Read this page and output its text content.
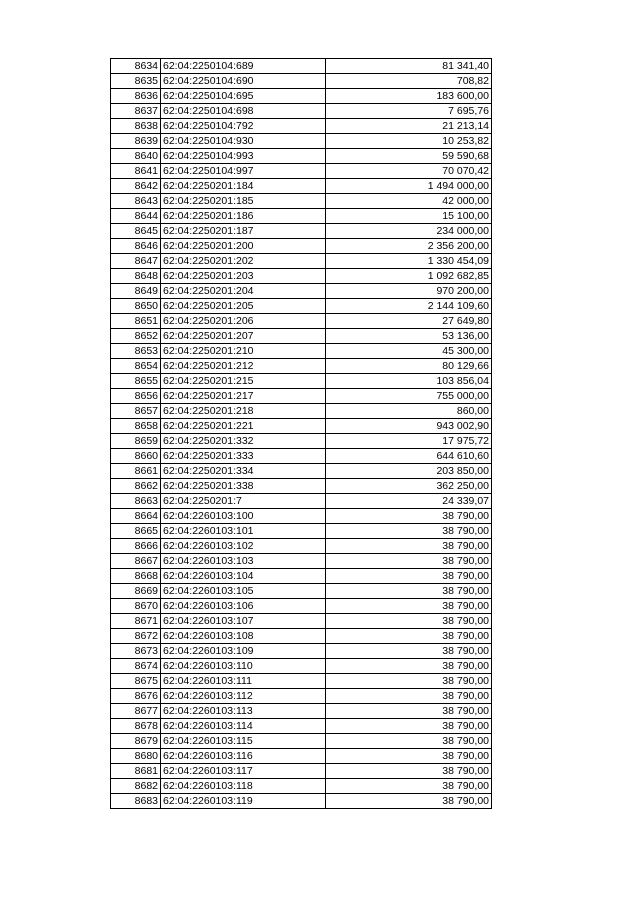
8634	62:04:2250104:689	81 341,40
8635	62:04:2250104:690	708,82
8636	62:04:2250104:695	183 600,00
8637	62:04:2250104:698	7 695,76
8638	62:04:2250104:792	21 213,14
8639	62:04:2250104:930	10 253,82
8640	62:04:2250104:993	59 590,68
8641	62:04:2250104:997	70 070,42
8642	62:04:2250201:184	1 494 000,00
8643	62:04:2250201:185	42 000,00
8644	62:04:2250201:186	15 100,00
8645	62:04:2250201:187	234 000,00
8646	62:04:2250201:200	2 356 200,00
8647	62:04:2250201:202	1 330 454,09
8648	62:04:2250201:203	1 092 682,85
8649	62:04:2250201:204	970 200,00
8650	62:04:2250201:205	2 144 109,60
8651	62:04:2250201:206	27 649,80
8652	62:04:2250201:207	53 136,00
8653	62:04:2250201:210	45 300,00
8654	62:04:2250201:212	80 129,66
8655	62:04:2250201:215	103 856,04
8656	62:04:2250201:217	755 000,00
8657	62:04:2250201:218	860,00
8658	62:04:2250201:221	943 002,90
8659	62:04:2250201:332	17 975,72
8660	62:04:2250201:333	644 610,60
8661	62:04:2250201:334	203 850,00
8662	62:04:2250201:338	362 250,00
8663	62:04:2250201:7	24 339,07
8664	62:04:2260103:100	38 790,00
8665	62:04:2260103:101	38 790,00
8666	62:04:2260103:102	38 790,00
8667	62:04:2260103:103	38 790,00
8668	62:04:2260103:104	38 790,00
8669	62:04:2260103:105	38 790,00
8670	62:04:2260103:106	38 790,00
8671	62:04:2260103:107	38 790,00
8672	62:04:2260103:108	38 790,00
8673	62:04:2260103:109	38 790,00
8674	62:04:2260103:110	38 790,00
8675	62:04:2260103:111	38 790,00
8676	62:04:2260103:112	38 790,00
8677	62:04:2260103:113	38 790,00
8678	62:04:2260103:114	38 790,00
8679	62:04:2260103:115	38 790,00
8680	62:04:2260103:116	38 790,00
8681	62:04:2260103:117	38 790,00
8682	62:04:2260103:118	38 790,00
8683	62:04:2260103:119	38 790,00
